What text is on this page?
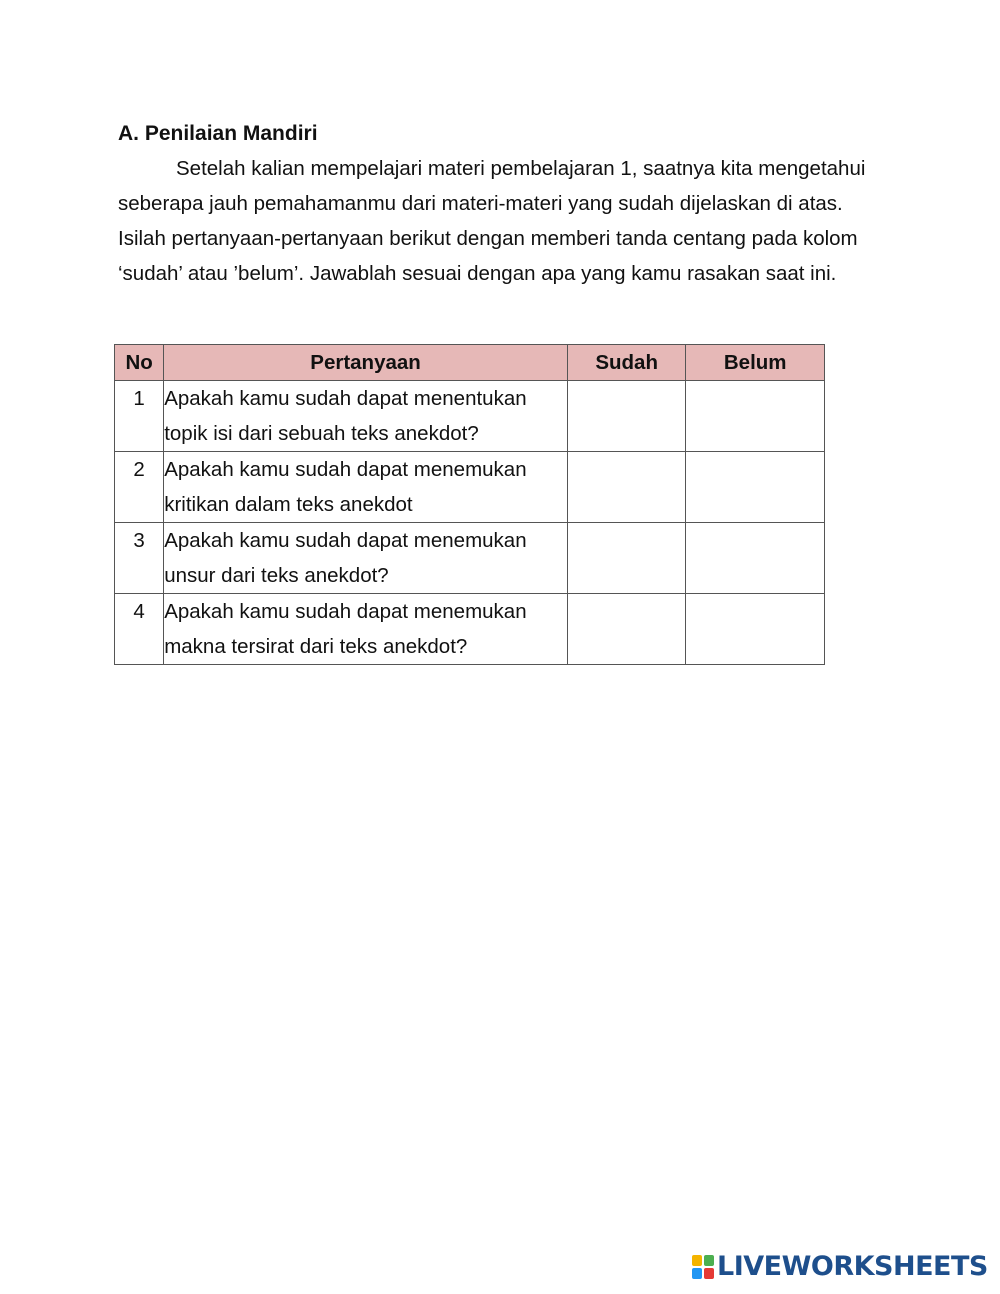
A. Penilaian Mandiri

Setelah kalian mempelajari materi pembelajaran 1, saatnya kita mengetahui seberapa jauh pemahamanmu dari materi-materi yang sudah dijelaskan di atas. Isilah pertanyaan-pertanyaan berikut dengan memberi tanda centang pada kolom ‘sudah’ atau ’belum’. Jawablah sesuai dengan apa yang kamu rasakan saat ini.

No	Pertanyaan	Sudah	Belum
1	Apakah kamu sudah dapat menentukan topik isi dari sebuah teks anekdot?		
2	Apakah kamu sudah dapat menemukan kritikan dalam teks anekdot		
3	Apakah kamu sudah dapat menemukan unsur dari teks anekdot?		
4	Apakah kamu sudah dapat menemukan makna tersirat dari teks anekdot?		
LIVEWORKSHEETS
